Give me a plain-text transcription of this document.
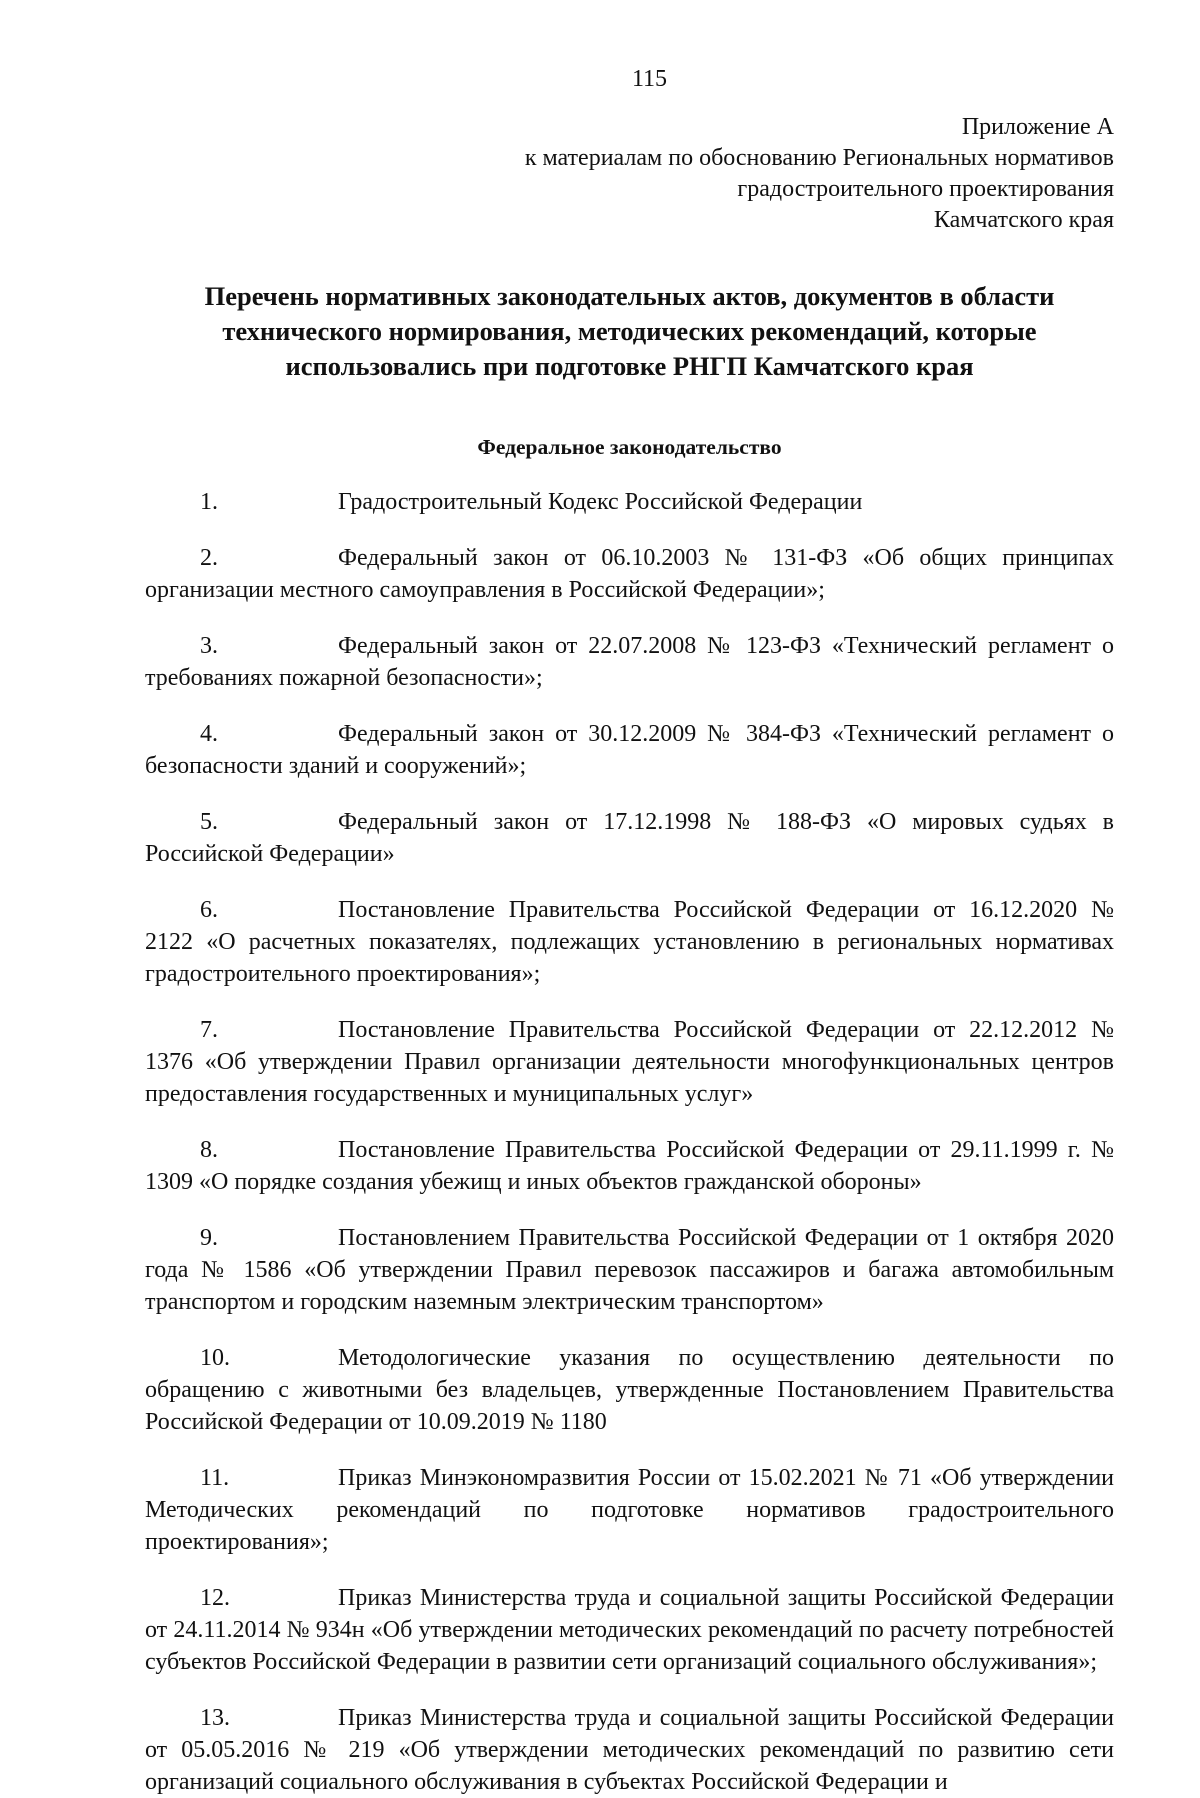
115
Приложение А
к материалам по обоснованию Региональных нормативов
градостроительного проектирования
Камчатского края
Перечень нормативных законодательных актов, документов в области
технического нормирования, методических рекомендаций, которые
использовались при подготовке РНГП Камчатского края
Федеральное законодательство

1.	Градостроительный Кодекс Российской Федерации

2.	Федеральный закон от 06.10.2003 № 131-ФЗ «Об общих принципах организации местного самоуправления в Российской Федерации»;

3.	Федеральный закон от 22.07.2008 № 123-ФЗ «Технический регламент о требованиях пожарной безопасности»;

4.	Федеральный закон от 30.12.2009 № 384-ФЗ «Технический регламент о безопасности зданий и сооружений»;

5.	Федеральный закон от 17.12.1998 № 188-ФЗ «О мировых судьях в Российской Федерации»

6.	Постановление Правительства Российской Федерации от 16.12.2020 № 2122 «О расчетных показателях, подлежащих установлению в региональных нормативах градостроительного проектирования»;

7.	Постановление Правительства Российской Федерации от 22.12.2012 № 1376 «Об утверждении Правил организации деятельности многофункциональных центров предоставления государственных и муниципальных услуг»

8.	Постановление Правительства Российской Федерации от 29.11.1999 г. № 1309 «О порядке создания убежищ и иных объектов гражданской обороны»

9.	Постановлением Правительства Российской Федерации от 1 октября 2020 года № 1586 «Об утверждении Правил перевозок пассажиров и багажа автомобильным транспортом и городским наземным электрическим транспортом»

10.	Методологические указания по осуществлению деятельности по обращению с животными без владельцев, утвержденные Постановлением Правительства Российской Федерации от 10.09.2019 № 1180

11.	Приказ Минэкономразвития России от 15.02.2021 № 71 «Об утверждении Методических рекомендаций по подготовке нормативов градостроительного проектирования»;

12.	Приказ Министерства труда и социальной защиты Российской Федерации от 24.11.2014 № 934н «Об утверждении методических рекомендаций по расчету потребностей субъектов Российской Федерации в развитии сети организаций социального обслуживания»;

13.	Приказ Министерства труда и социальной защиты Российской Федерации от 05.05.2016 № 219 «Об утверждении методических рекомендаций по развитию сети организаций социального обслуживания в субъектах Российской Федерации и
